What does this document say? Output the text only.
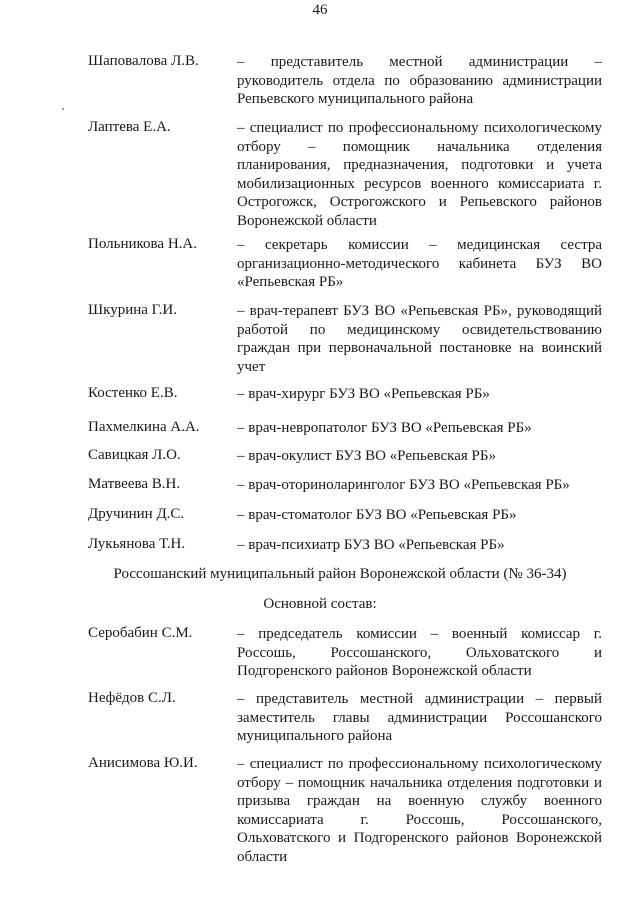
46
Шаповалова Л.В.	– представитель местной администрации –
руководитель отдела по образованию администрации
Репьевского муниципального района
Лаптева Е.А.	– специалист по профессиональному психологическому
отбору – помощник начальника отделения
планирования, предназначения, подготовки и учета
мобилизационных ресурсов военного комиссариата г.
Острогожск, Острогожского и Репьевского районов
Воронежской области
Польникова Н.А.	– секретарь комиссии – медицинская сестра
организационно-методического кабинета БУЗ ВО
«Репьевская РБ»
Шкурина Г.И.	– врач-терапевт БУЗ ВО «Репьевская РБ», руководящий
работой по медицинскому освидетельствованию
граждан при первоначальной постановке на воинский
учет
Костенко Е.В.	– врач-хирург БУЗ ВО «Репьевская РБ»
Пахмелкина А.А. – врач-невропатолог БУЗ ВО «Репьевская РБ»
Савицкая Л.О.	– врач-окулист БУЗ ВО «Репьевская РБ»
Матвеева В.Н.	– врач-оториноларинголог БУЗ ВО «Репьевская РБ»
Дручинин Д.С.	– врач-стоматолог БУЗ ВО «Репьевская РБ»
Лукьянова Т.Н.	– врач-психиатр БУЗ ВО «Репьевская РБ»
Россошанский муниципальный район Воронежской области (№ 36-34)
Основной состав:
Серобабин С.М.	– председатель комиссии – военный комиссар г.
Россошь, Россошанского, Ольховатского и
Подгоренского районов Воронежской области
Нефёдов С.Л.	– представитель местной администрации – первый
заместитель главы администрации Россошанского
муниципального района
Анисимова Ю.И.	– специалист по профессиональному психологическому
отбору – помощник начальника отделения подготовки и
призыва граждан на военную службу военного
комиссариата г. Россошь, Россошанского,
Ольховатского и Подгоренского районов Воронежской
области
